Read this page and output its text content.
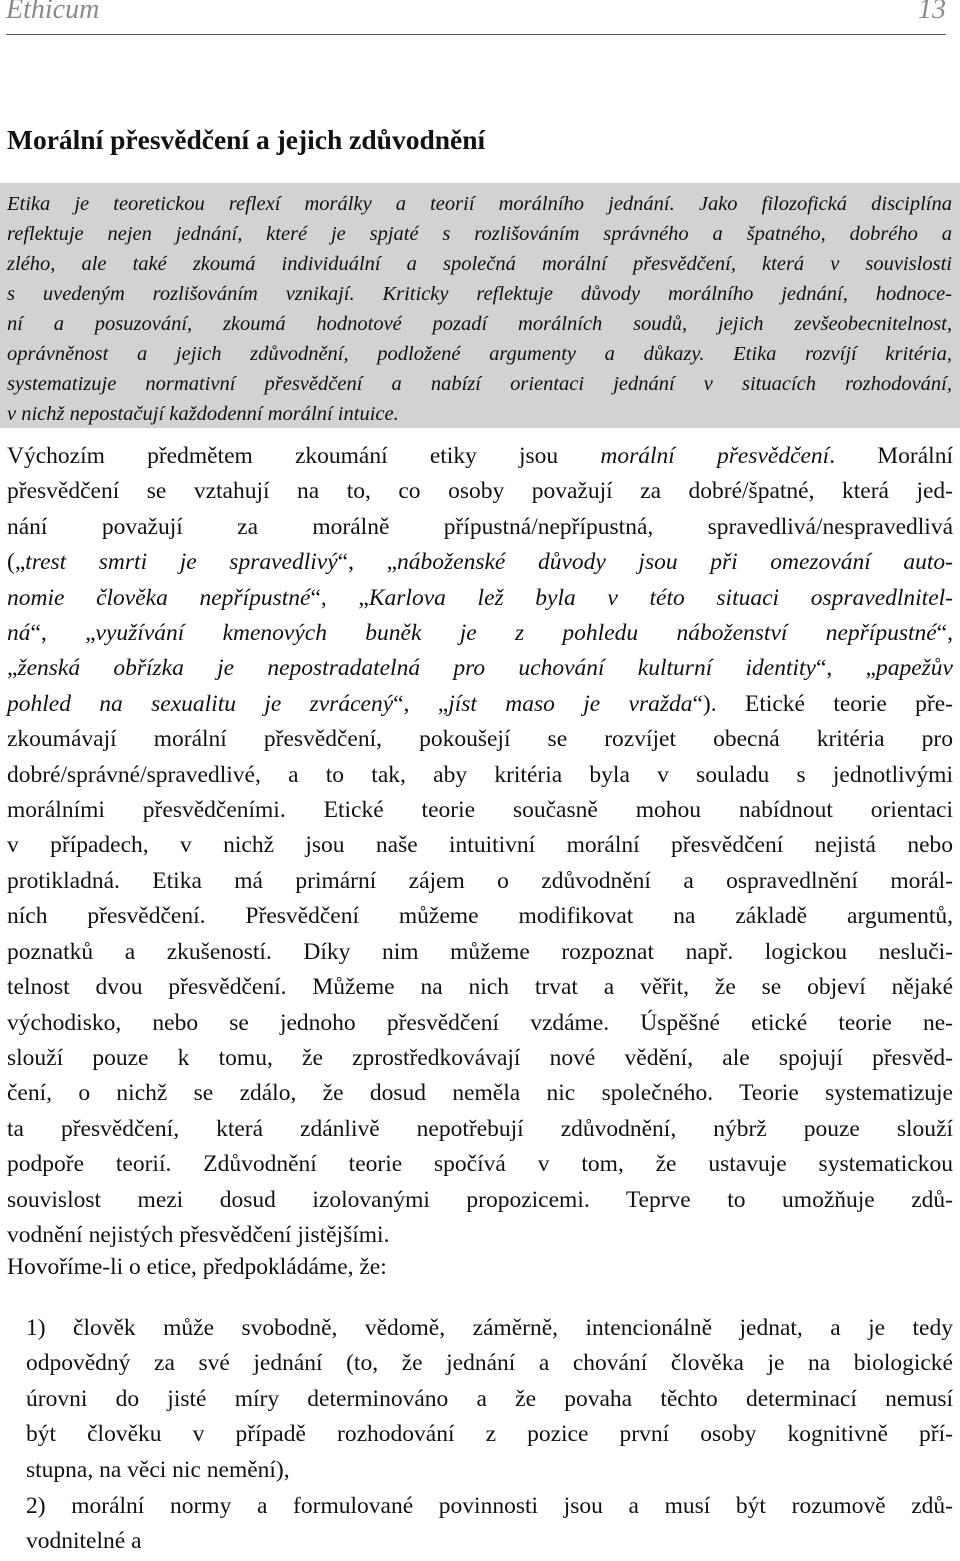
Ethicum	13
Morální přesvědčení a jejich zdůvodnění
Etika je teoretickou reflexí morálky a teorií morálního jednání. Jako filozofická disciplína
reflektuje nejen jednání, které je spjaté s rozlišováním správného a špatného, dobrého a
zlého, ale také zkoumá individuální a společná morální přesvědčení, která v souvislosti
s uvedeným rozlišováním vznikají. Kriticky reflektuje důvody morálního jednání, hodnoce-
ní a posuzování, zkoumá hodnotové pozadí morálních soudů, jejich zevšeobecnitelnost,
oprávněnost a jejich zdůvodnění, podložené argumenty a důkazy. Etika rozvíjí kritéria,
systematizuje normativní přesvědčení a nabízí orientaci jednání v situacích rozhodování,
v nichž nepostačují každodenní morální intuice.
Výchozím předmětem zkoumání etiky jsou morální přesvědčení. Morální
přesvědčení se vztahují na to, co osoby považují za dobré/špatné, která jed-
nání považují za morálně přípustná/nepřípustná, spravedlivá/nespravedlivá
(„trest smrti je spravedlivý“, „náboženské důvody jsou při omezování auto-
nomie člověka nepřípustné“, „Karlova lež byla v této situaci ospravedlnitel-
ná“, „využívání kmenových buněk je z pohledu náboženství nepřípustné“,
„ženská obřízka je nepostradatelná pro uchování kulturní identity“, „papežův
pohled na sexualitu je zvrácený“, „jíst maso je vražda“). Etické teorie pře-
zkoumávají morální přesvědčení, pokoušejí se rozvíjet obecná kritéria pro
dobré/správné/spravedlivé, a to tak, aby kritéria byla v souladu s jednotlivými
morálními přesvědčeními. Etické teorie současně mohou nabídnout orientaci
v případech, v nichž jsou naše intuitivní morální přesvědčení nejistá nebo
protikladná. Etika má primární zájem o zdůvodnění a ospravedlnění morál-
ních přesvědčení. Přesvědčení můžeme modifikovat na základě argumentů,
poznatků a zkušeností. Díky nim můžeme rozpoznat např. logickou nesluči-
telnost dvou přesvědčení. Můžeme na nich trvat a věřit, že se objeví nějaké
východisko, nebo se jednoho přesvědčení vzdáme. Úspěšné etické teorie ne-
slouží pouze k tomu, že zprostředkovávají nové vědění, ale spojují přesvěd-
čení, o nichž se zdálo, že dosud neměla nic společného. Teorie systematizuje
ta přesvědčení, která zdánlivě nepotřebují zdůvodnění, nýbrž pouze slouží
podpoře teorií. Zdůvodnění teorie spočívá v tom, že ustavuje systematickou
souvislost mezi dosud izolovanými propozicemi. Teprve to umožňuje zdů-
vodnění nejistých přesvědčení jistějšími.
Hovoříme-li o etice, předpokládáme, že:
1) člověk může svobodně, vědomě, záměrně, intencionálně jednat, a je tedy
odpovědný za své jednání (to, že jednání a chování člověka je na biologické
úrovni do jisté míry determinováno a že povaha těchto determinací nemusí
být člověku v případě rozhodování z pozice první osoby kognitivně pří-
stupna, na věci nic nemění),
2) morální normy a formulované povinnosti jsou a musí být rozumově zdů-
vodnitelné a
